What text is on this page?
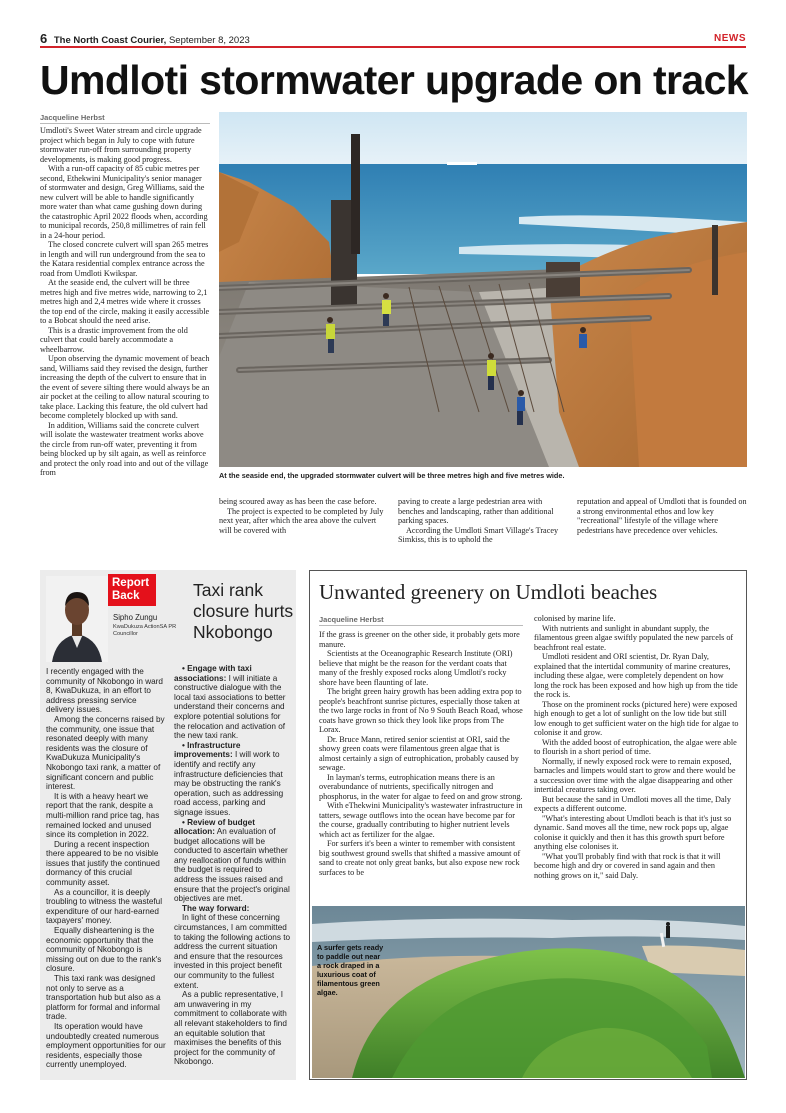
6 The North Coast Courier, September 8, 2023	NEWS
Umdloti stormwater upgrade on track
Jacqueline Herbst

Umdloti's Sweet Water stream and circle upgrade project which began in July to cope with future stormwater run-off from surrounding property developments, is making good progress.

With a run-off capacity of 85 cubic metres per second, Ethekwini Municipality's senior manager of stormwater and design, Greg Williams, said the new culvert will be able to handle significantly more water than what came gushing down during the catastrophic April 2022 floods when, according to municipal records, 250,8 millimetres of rain fell in a 24-hour period.

The closed concrete culvert will span 265 metres in length and will run underground from the sea to the Katara residential complex entrance across the road from Umdloti Kwikspar.

At the seaside end, the culvert will be three metres high and five metres wide, narrowing to 2,1 metres high and 2,4 metres wide where it crosses the top end of the circle, making it easily accessible to a Bobcat should the need arise.

This is a drastic improvement from the old culvert that could barely accommodate a wheelbarrow.

Upon observing the dynamic movement of beach sand, Williams said they revised the design, further increasing the depth of the culvert to ensure that in the event of severe silting there would always be an air pocket at the ceiling to allow natural scouring to take place. Lacking this feature, the old culvert had become completely blocked up with sand.

In addition, Williams said the concrete culvert will isolate the wastewater treatment works above the circle from run-off water, preventing it from being blocked up by silt again, as well as reinforce and protect the only road into and out of the village from	At the seaside end, the upgraded stormwater culvert will be three metres high and five metres wide.

being scoured away as has been the case before.

The project is expected to be completed by July next year, after which the area above the culvert will be covered with

paving to create a large pedestrian area with benches and landscaping, rather than additional parking spaces.

According the Umdloti Smart Village's Tracey Simkiss, this is to uphold the

reputation and appeal of Umdloti that is founded on a strong environmental ethos and low key "recreational" lifestyle of the village where pedestrians have precedence over vehicles.

Report Back	Taxi rank closure hurts Nkobongo
Sipho Zungu
KwaDukuza ActionSA PR Councillor

I recently engaged with the community of Nkobongo in ward 8, KwaDukuza, in an effort to address pressing service delivery issues.

Among the concerns raised by the community, one issue that resonated deeply with many residents was the closure of KwaDukuza Municipality's Nkobongo taxi rank, a matter of significant concern and public interest.

It is with a heavy heart we report that the rank, despite a multi-million rand price tag, has remained locked and unused since its completion in 2022.

During a recent inspection there appeared to be no visible issues that justify the continued dormancy of this crucial community asset.

As a councillor, it is deeply troubling to witness the wasteful expenditure of our hard-earned taxpayers' money.

Equally disheartening is the economic opportunity that the community of Nkobongo is missing out on due to the rank's closure.

This taxi rank was designed not only to serve as a transportation hub but also as a platform for formal and informal trade.

Its operation would have undoubtedly created numerous employment opportunities for our residents, especially those currently unemployed.

• Engage with taxi associations: I will initiate a constructive dialogue with the local taxi associations to better understand their concerns and explore potential solutions for the relocation and activation of the new taxi rank.

• Infrastructure improvements: I will work to identify and rectify any infrastructure deficiencies that may be obstructing the rank's operation, such as addressing road access, parking and signage issues.

• Review of budget allocation: An evaluation of budget allocations will be conducted to ascertain whether any reallocation of funds within the budget is required to address the issues raised and ensure that the project's original objectives are met.

The way forward:

In light of these concerning circumstances, I am committed to taking the following actions to address the current situation and ensure that the resources invested in this project benefit our community to the fullest extent.

As a public representative, I am unwavering in my commitment to collaborate with all relevant stakeholders to find an equitable solution that maximises the benefits of this project for the community of Nkobongo.

Unwanted greenery on Umdloti beaches
Jacqueline Herbst

If the grass is greener on the other side, it probably gets more manure.

Scientists at the Oceanographic Research Institute (ORI) believe that might be the reason for the verdant coats that many of the freshly exposed rocks along Umdloti's rocky shore have been flaunting of late.

The bright green hairy growth has been adding extra pop to people's beachfront sunrise pictures, especially those taken at the two large rocks in front of No 9 South Beach Road, whose coats have grown so thick they look like props from The Lorax.

Dr. Bruce Mann, retired senior scientist at ORI, said the showy green coats were filamentous green algae that is almost certainly a sign of eutrophication, probably caused by sewage.

In layman's terms, eutrophication means there is an overabundance of nutrients, specifically nitrogen and phosphorus, in the water for algae to feed on and grow strong.

With eThekwini Municipality's wastewater infrastructure in tatters, sewage outflows into the ocean have become par for the course, gradually contributing to higher nutrient levels which act as fertilizer for the algae.

For surfers it's been a winter to remember with consistent big southwest ground swells that shifted a massive amount of sand to create not only great banks, but also expose new rock surfaces to be

colonised by marine life.

With nutrients and sunlight in abundant supply, the filamentous green algae swiftly populated the new parcels of beachfront real estate.

Umdloti resident and ORI scientist, Dr. Ryan Daly, explained that the intertidal community of marine creatures, including these algae, were completely dependent on how long the rock has been exposed and how high up from the tide the rock is.

Those on the prominent rocks (pictured here) were exposed high enough to get a lot of sunlight on the low tide but still low enough to get sufficient water on the high tide for algae to colonise it and grow.

With the added boost of eutrophication, the algae were able to flourish in a short period of time.

Normally, if newly exposed rock were to remain exposed, barnacles and limpets would start to grow and there would be a succession over time with the algae disappearing and other intertidal creatures taking over.

But because the sand in Umdloti moves all the time, Daly expects a different outcome.

"What's interesting about Umdloti beach is that it's just so dynamic. Sand moves all the time, new rock pops up, algae colonise it quickly and then it has this growth spurt before anything else colonises it.

"What you'll probably find with that rock is that it will become high and dry or covered in sand again and then nothing grows on it," said Daly.

A surfer gets ready to paddle out near a rock draped in a luxurious coat of filamentous green algae.
